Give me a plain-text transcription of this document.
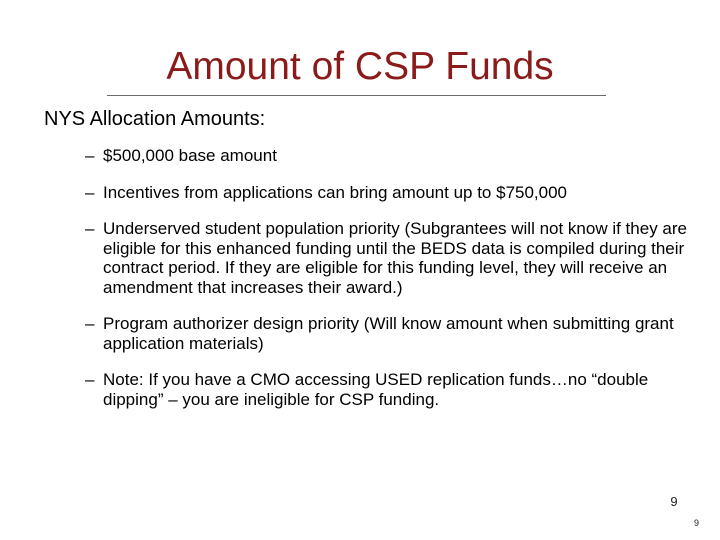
Amount of CSP Funds
NYS Allocation Amounts:
– $500,000 base amount
– Incentives from applications can bring amount up to $750,000
– Underserved student population priority (Subgrantees will not know if they are eligible for this enhanced funding until the BEDS data is compiled during their contract period. If they are eligible for this funding level, they will receive an amendment that increases their award.)
– Program authorizer design priority (Will know amount when submitting grant application materials)
– Note: If you have a CMO accessing USED replication funds…no “double dipping” – you are ineligible for CSP funding.
9
9
